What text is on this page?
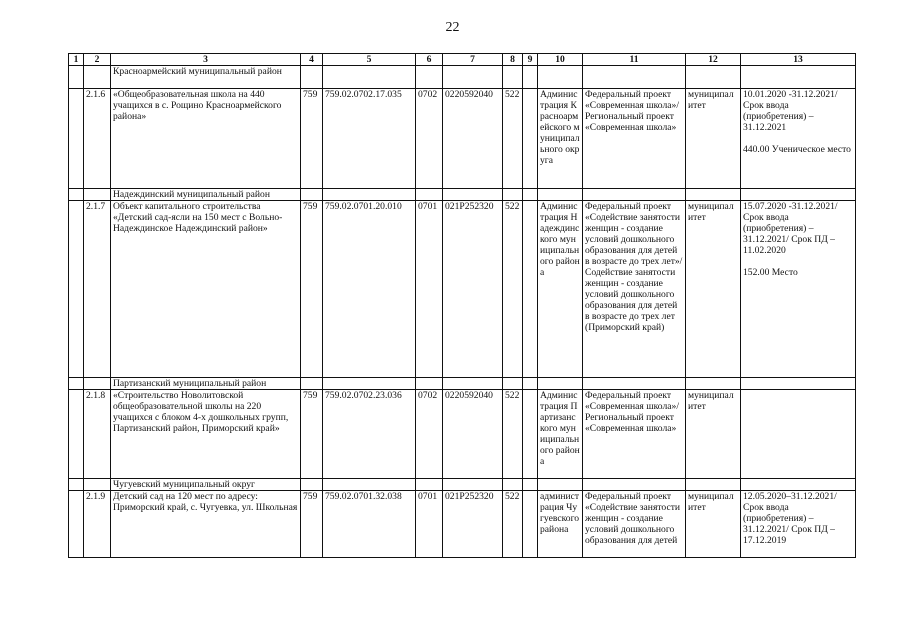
22
1	2	3	4	5	6	7	8	9	10	11	12	13
		Красноармейский муниципальный район										
	2.1.6	«Общеобразовательная школа на 440 учащихся в с. Рощино Красноармейского района»	759	759.02.0702.17.035	0702	0220592040	522		Администрация Красноармейского муниципального округа	Федеральный проект «Современная школа»/Региональный проект «Современная школа»	муниципалитет	10.01.2020 -31.12.2021/ Срок ввода (приобретения) – 31.12.2021
440.00 Ученическое место

		Надеждинский муниципальный район										
	2.1.7	Объект капитального строительства «Детский сад-ясли на 150 мест с Вольно-Надеждинское Надеждинский район»	759	759.02.0701.20.010	0701	021P252320	522		Администрация Надеждинского муниципального района	Федеральный проект «Содействие занятости женщин - создание условий дошкольного образования для детей в возрасте до трех лет»/Содействие занятости женщин - создание условий дошкольного образования для детей в возрасте до трех лет (Приморский край)	муниципалитет	15.07.2020 -31.12.2021/ Срок ввода (приобретения) – 31.12.2021/ Срок ПД – 11.02.2020
152.00 Место

		Партизанский муниципальный район										
	2.1.8	«Строительство Новолитовской общеобразовательной школы на 220 учащихся с блоком 4-х дошкольных групп, Партизанский район, Приморский край»	759	759.02.0702.23.036	0702	0220592040	522		Администрация Партизанского муниципального района	Федеральный проект «Современная школа»/Региональный проект «Современная школа»	муниципалитет	

		Чугуевский муниципальный округ										
	2.1.9	Детский сад на 120 мест по адресу: Приморский край, с. Чугуевка, ул. Школьная	759	759.02.0701.32.038	0701	021P252320	522		администрация Чугуевского района	Федеральный проект «Содействие занятости женщин - создание условий дошкольного образования для детей	муниципалитет	12.05.2020–31.12.2021/ Срок ввода (приобретения) – 31.12.2021/ Срок ПД – 17.12.2019
